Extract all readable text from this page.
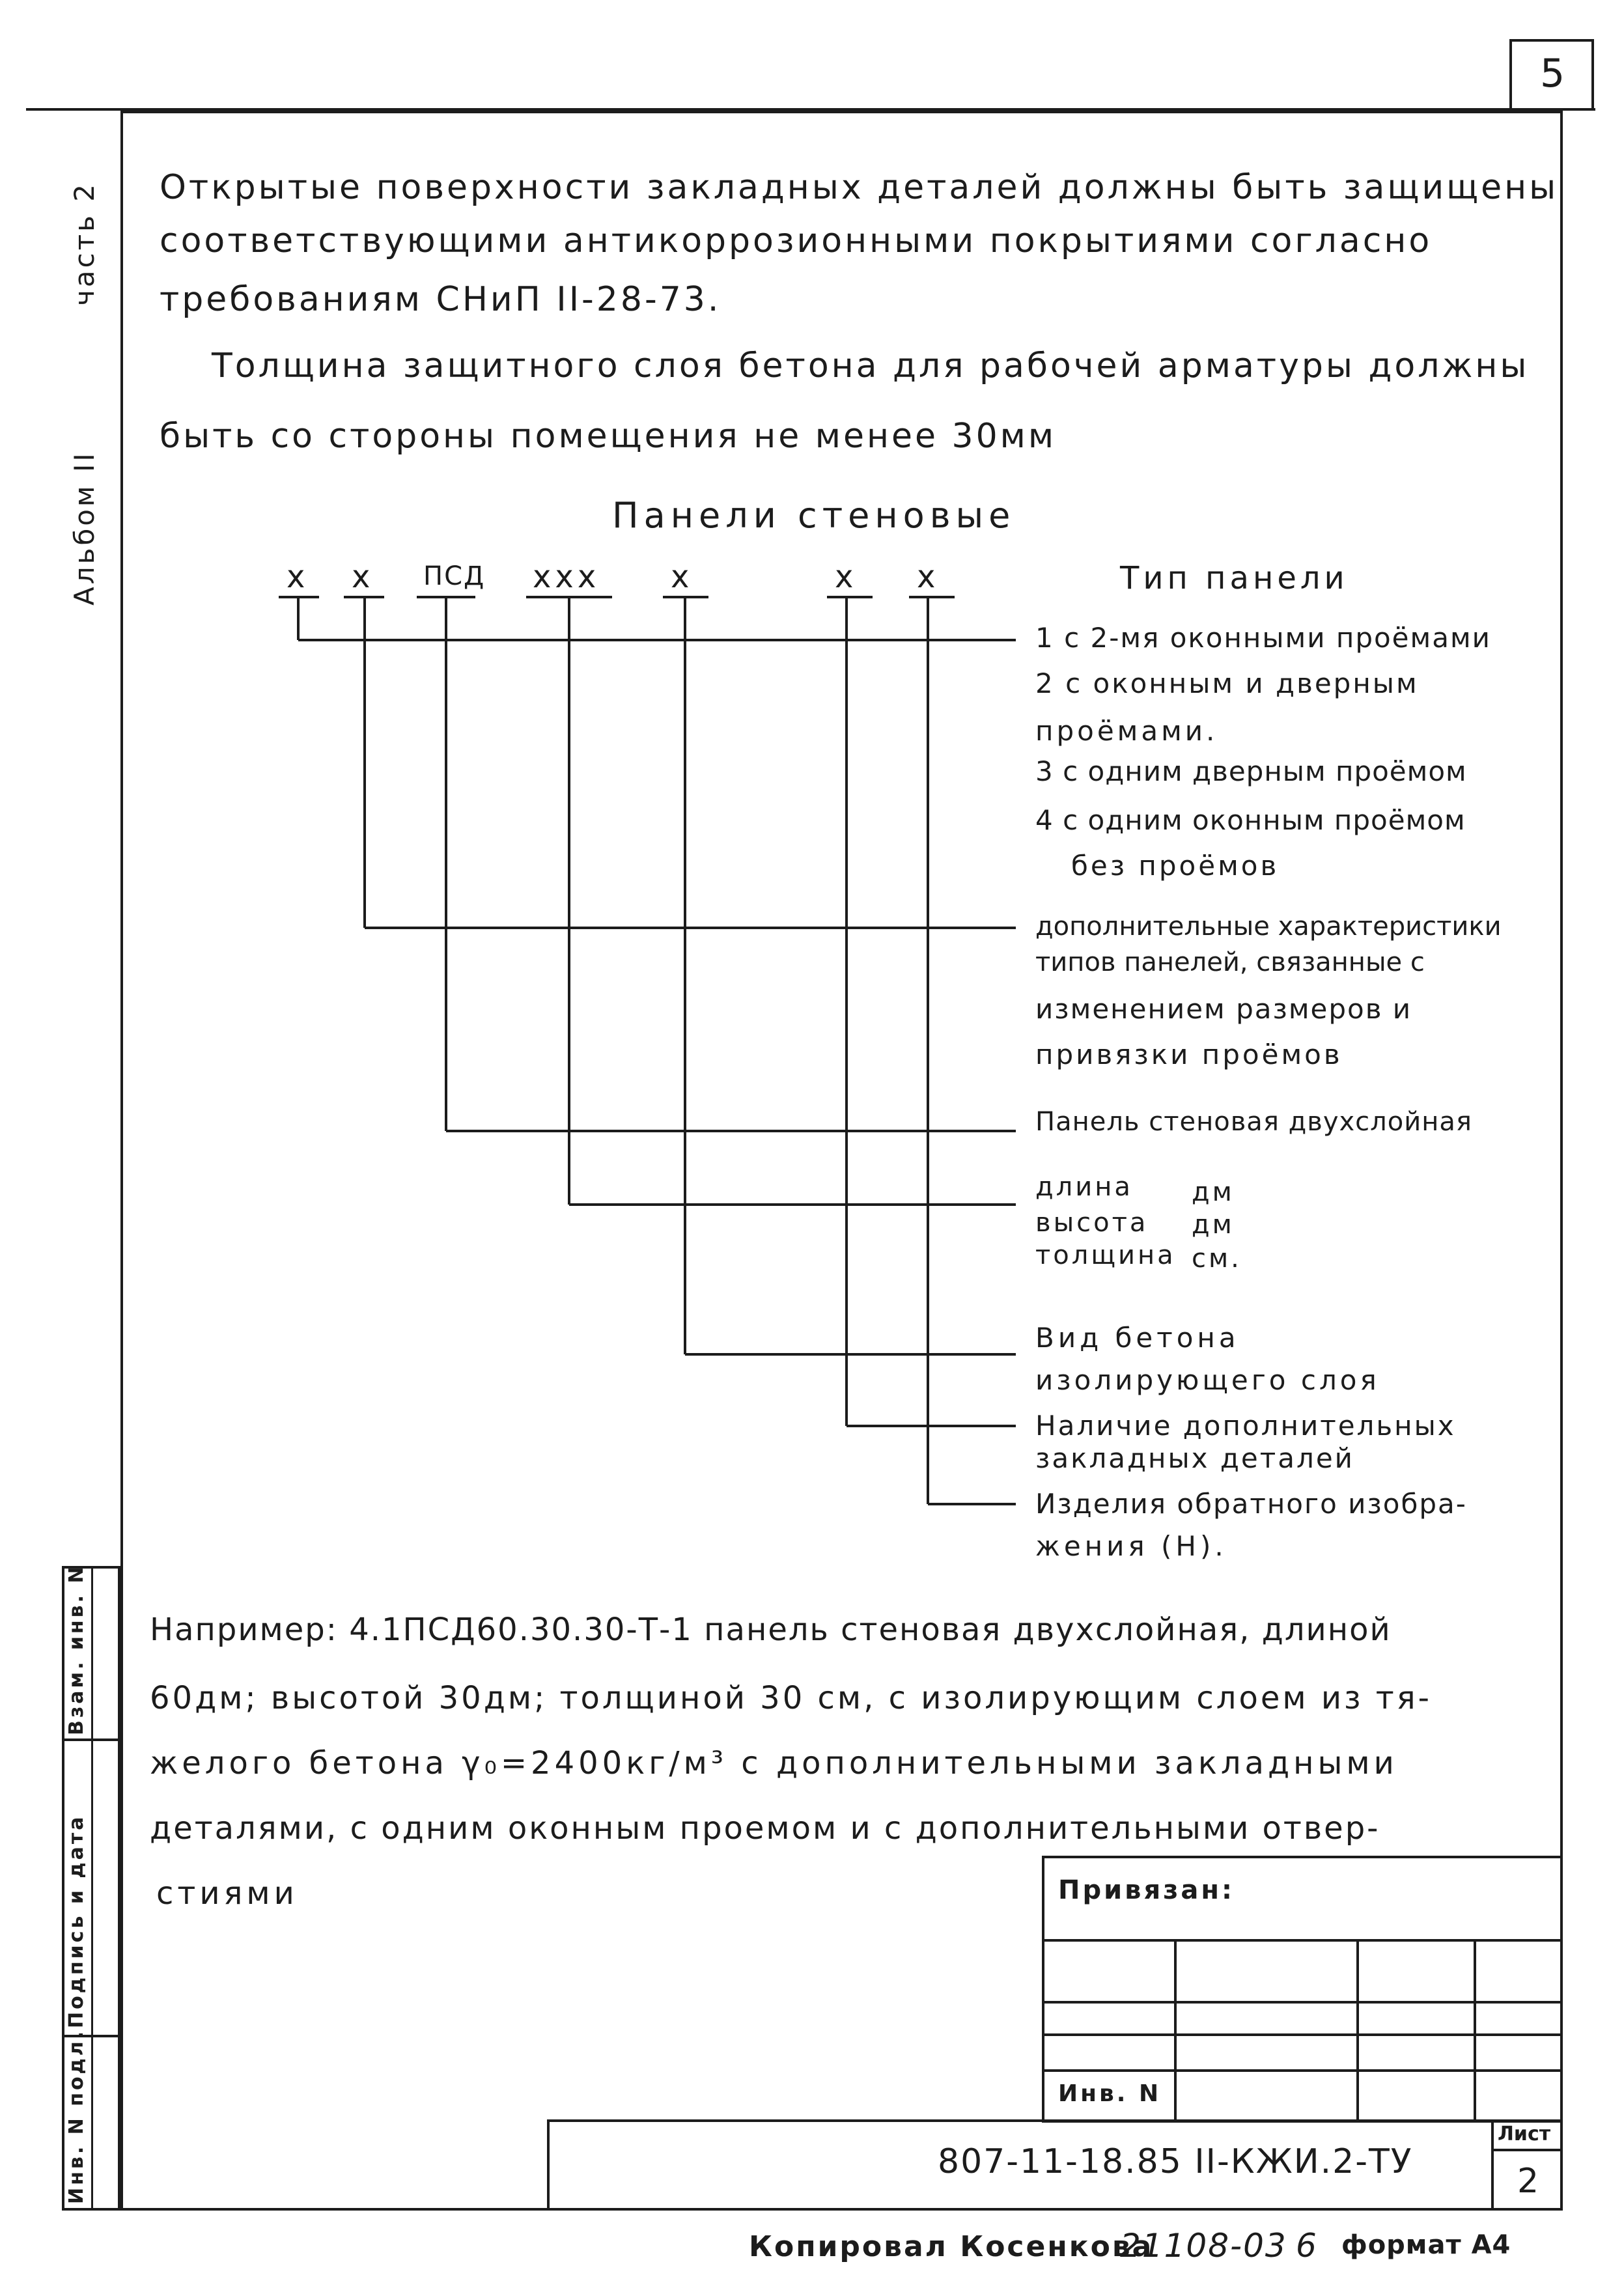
5
часть 2
Альбом II
Взам. инв. N
Подпись и дата
Инв. N подл.
Открытые поверхности закладных деталей должны быть защищены
соответствующими антикоррозионными покрытиями согласно
требованиям СНиП II-28-73.
Толщина защитного слоя бетона для рабочей арматуры должны
быть со стороны помещения не менее 30мм
Панели стеновые
х х ПСД ххх х	х х	Тип панели
1 с 2-мя оконными проёмами
2 с оконным и дверным
проёмами.
3 с одним дверным проёмом
4 с одним оконным проёмом
без проёмов
дополнительные характеристики
типов панелей, связанные с
изменением размеров и
привязки проёмов
Панель стеновая двухслойная
длина дм
высота дм
толщина см.
Вид бетона
изолирующего слоя
Наличие дополнительных
закладных деталей
Изделия обратного изобра-
жения (Н).
Например: 4.1ПСД60.30.30-Т-1 панель стеновая двухслойная, длиной
60дм; высотой 30дм; толщиной 30 см, с изолирующим слоем из тя-
желого бетона γ₀=2400кг/м³ с дополнительными закладными
деталями, с одним оконным проемом и с дополнительными отвер-
стиями	Привязан:
Инв. N
807-11-18.85 II-КЖИ.2-ТУ
Лист
2
Копировал Косенкова
21108-03 6 формат А4
